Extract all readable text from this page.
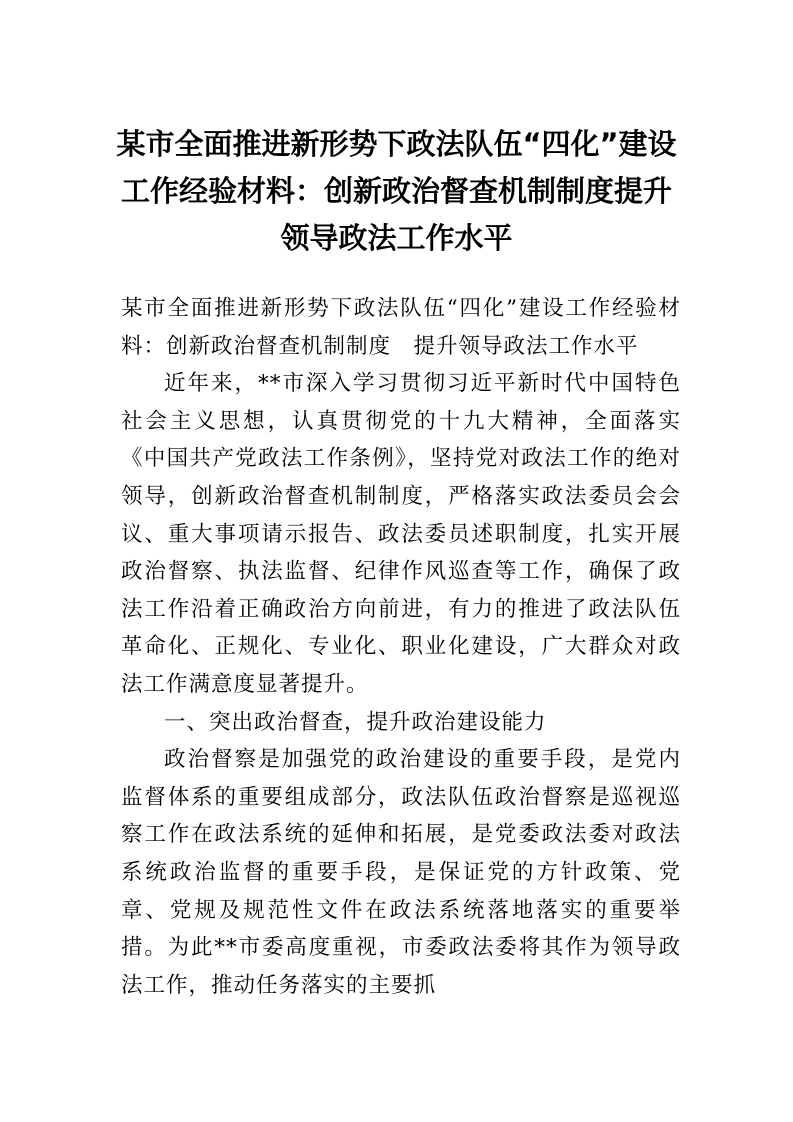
某市全面推进新形势下政法队伍“四化”建设工作经验材料：创新政治督查机制制度提升领导政法工作水平

某市全面推进新形势下政法队伍“四化”建设工作经验材料：创新政治督查机制制度　提升领导政法工作水平

近年来，**市深入学习贯彻习近平新时代中国特色社会主义思想，认真贯彻党的十九大精神，全面落实《中国共产党政法工作条例》，坚持党对政法工作的绝对领导，创新政治督查机制制度，严格落实政法委员会会议、重大事项请示报告、政法委员述职制度，扎实开展政治督察、执法监督、纪律作风巡查等工作，确保了政法工作沿着正确政治方向前进，有力的推进了政法队伍革命化、正规化、专业化、职业化建设，广大群众对政法工作满意度显著提升。

一、突出政治督查，提升政治建设能力

政治督察是加强党的政治建设的重要手段，是党内监督体系的重要组成部分，政法队伍政治督察是巡视巡察工作在政法系统的延伸和拓展，是党委政法委对政法系统政治监督的重要手段，是保证党的方针政策、党章、党规及规范性文件在政法系统落地落实的重要举措。为此**市委高度重视，市委政法委将其作为领导政法工作，推动任务落实的主要抓
